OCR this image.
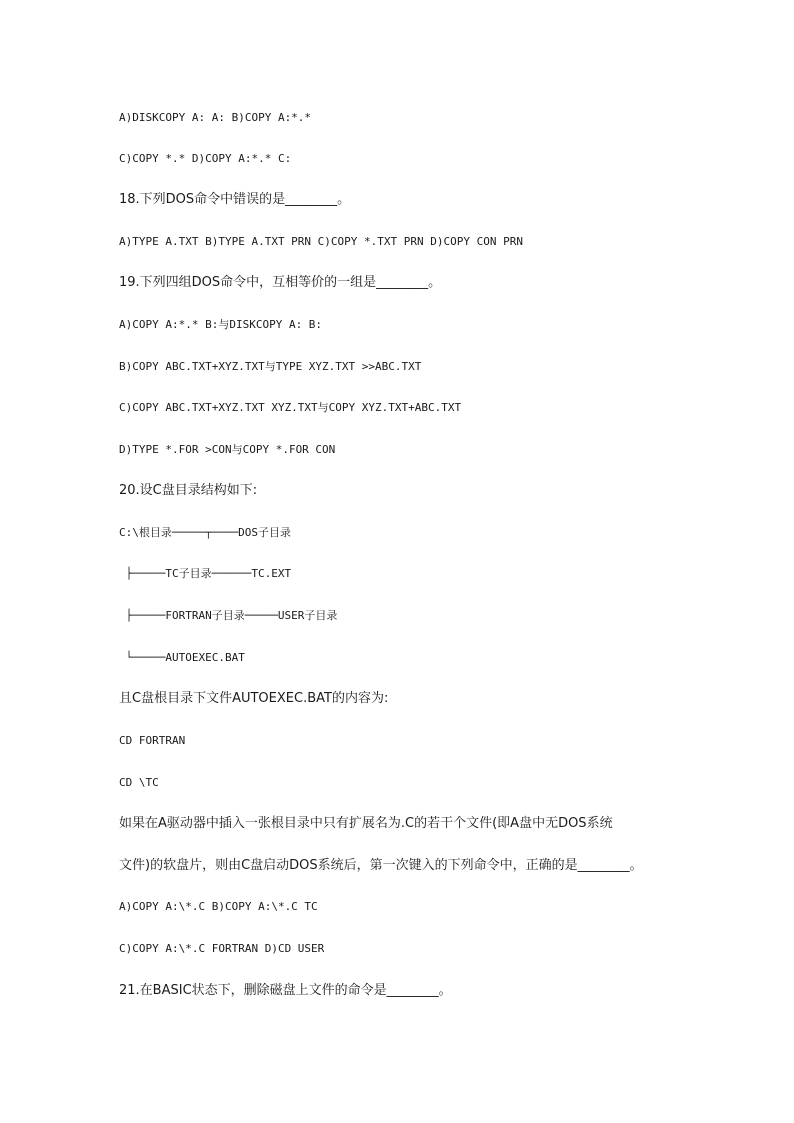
A)DISKCOPY A: A: B)COPY A:*.*
C)COPY *.* D)COPY A:*.* C:
18.下列DOS命令中错误的是________。
A)TYPE A.TXT B)TYPE A.TXT PRN C)COPY *.TXT PRN D)COPY CON PRN
19.下列四组DOS命令中，互相等价的一组是________。
A)COPY A:*.* B:与DISKCOPY A: B:
B)COPY ABC.TXT+XYZ.TXT与TYPE XYZ.TXT >>ABC.TXT
C)COPY ABC.TXT+XYZ.TXT XYZ.TXT与COPY XYZ.TXT+ABC.TXT
D)TYPE *.FOR >CON与COPY *.FOR CON
20.设C盘目录结构如下:
C:\根目录─────┬────DOS子目录
├─────TC子目录──────TC.EXT
├─────FORTRAN子目录─────USER子目录
└─────AUTOEXEC.BAT
且C盘根目录下文件AUTOEXEC.BAT的内容为:
CD FORTRAN
CD \TC
如果在A驱动器中插入一张根目录中只有扩展名为.C的若干个文件(即A盘中无DOS系统
文件)的软盘片，则由C盘启动DOS系统后，第一次键入的下列命令中，正确的是________。
A)COPY A:\*.C B)COPY A:\*.C TC
C)COPY A:\*.C FORTRAN D)CD USER
21.在BASIC状态下，删除磁盘上文件的命令是________。
